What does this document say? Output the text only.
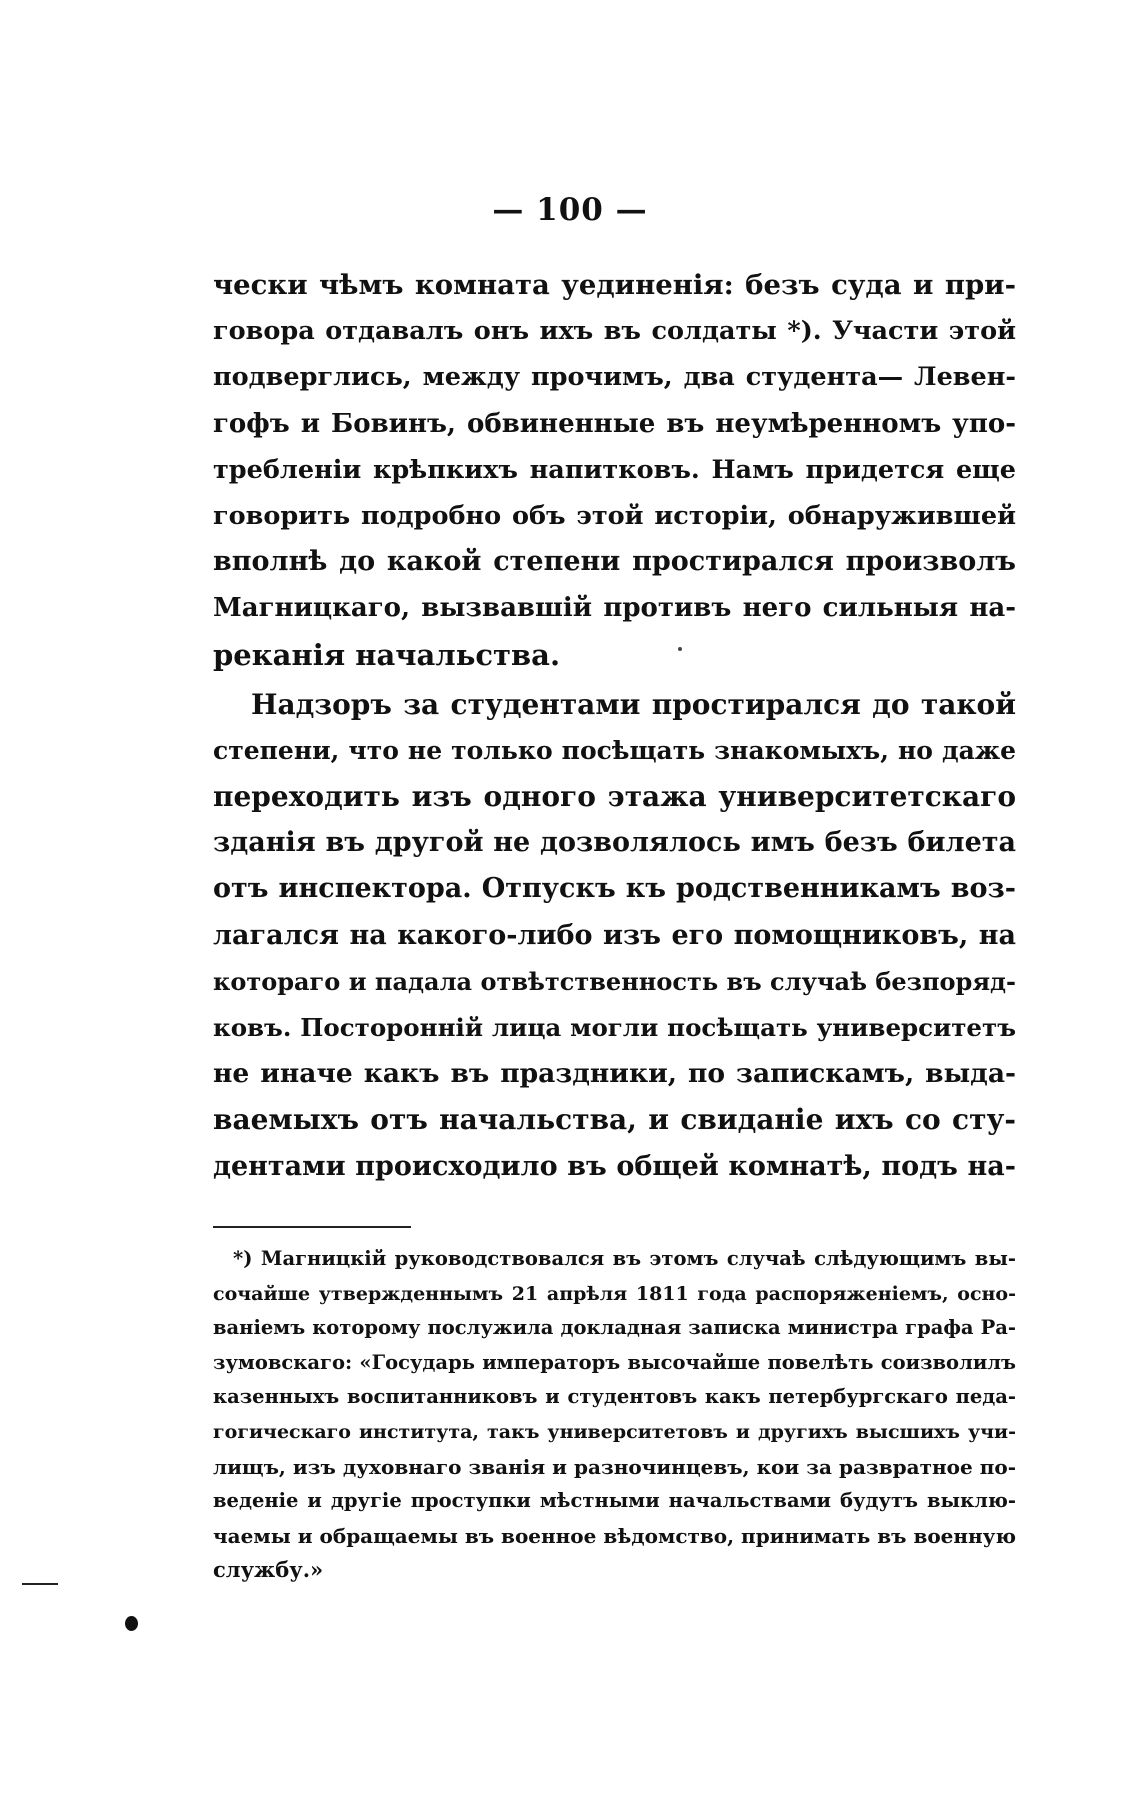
— 100 —
чески чѣмъ комната уединенія: безъ суда и при-
говора отдавалъ онъ ихъ въ солдаты *). Участи этой
подверглись, между прочимъ, два студента— Левен-
гофъ и Бовинъ, обвиненные въ неумѣренномъ упо-
требленіи крѣпкихъ напитковъ. Намъ придется еще
говорить подробно объ этой исторіи, обнаружившей
вполнѣ до какой степени простирался произволъ
Магницкаго, вызвавшій противъ него сильныя на-
реканія начальства.
Надзоръ за студентами простирался до такой
степени, что не только посѣщать знакомыхъ, но даже
переходить изъ одного этажа университетскаго
зданія въ другой не дозволялось имъ безъ билета
отъ инспектора. Отпускъ къ родственникамъ воз-
лагался на какого-либо изъ его помощниковъ, на
котораго и падала отвѣтственность въ случаѣ безпоряд-
ковъ. Посторонній лица могли посѣщать университетъ
не иначе какъ въ праздники, по запискамъ, выда-
ваемыхъ отъ начальства, и свиданіе ихъ со сту-
дентами происходило въ общей комнатѣ, подъ на-
*) Магницкій руководствовался въ этомъ случаѣ слѣдующимъ вы-
сочайше утвержденнымъ 21 апрѣля 1811 года распоряженіемъ, осно-
ваніемъ которому послужила докладная записка министра графа Ра-
зумовскаго: «Государь императоръ высочайше повелѣть соизволилъ
казенныхъ воспитанниковъ и студентовъ какъ петербургскаго педа-
гогическаго института, такъ университетовъ и другихъ высшихъ учи-
лищъ, изъ духовнаго званія и разночинцевъ, кои за развратное по-
веденіе и другіе проступки мѣстными начальствами будутъ выклю-
чаемы и обращаемы въ военное вѣдомство, принимать въ военную
службу.»
